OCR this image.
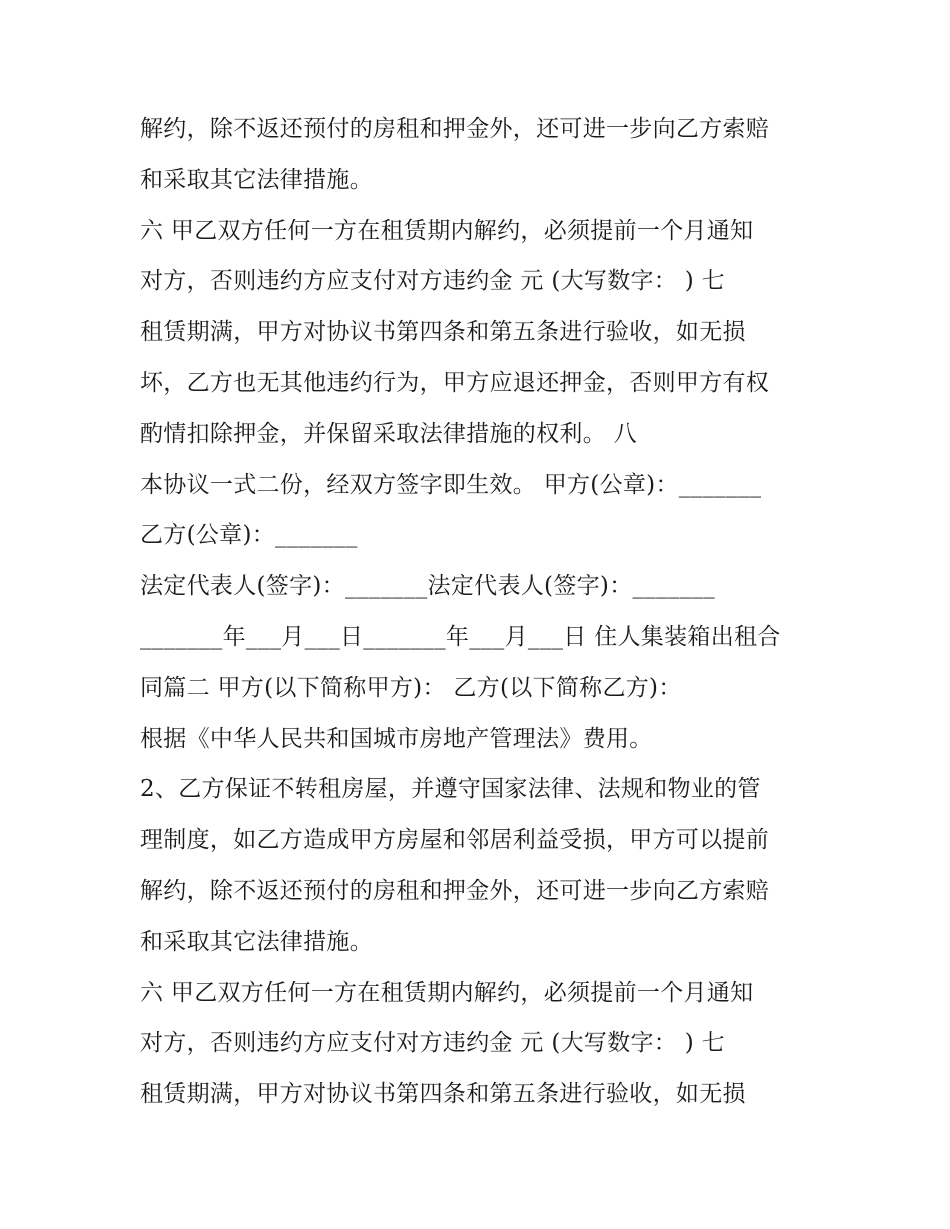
解约，除不返还预付的房租和押金外，还可进一步向乙方索赔
和采取其它法律措施。
六 甲乙双方任何一方在租赁期内解约，必须提前一个月通知
对方，否则违约方应支付对方违约金 元 (大写数字： ) 七
租赁期满，甲方对协议书第四条和第五条进行验收，如无损
坏，乙方也无其他违约行为，甲方应退还押金，否则甲方有权
酌情扣除押金，并保留采取法律措施的权利。 八
本协议一式二份，经双方签字即生效。 甲方(公章)：_______
乙方(公章)：_______
法定代表人(签字)：_______法定代表人(签字)：_______
_______年___月___日_______年___月___日 住人集装箱出租合
同篇二 甲方(以下简称甲方)： 乙方(以下简称乙方)：
根据《中华人民共和国城市房地产管理法》费用。
2、乙方保证不转租房屋，并遵守国家法律、法规和物业的管
理制度，如乙方造成甲方房屋和邻居利益受损，甲方可以提前
解约，除不返还预付的房租和押金外，还可进一步向乙方索赔
和采取其它法律措施。
六 甲乙双方任何一方在租赁期内解约，必须提前一个月通知
对方，否则违约方应支付对方违约金 元 (大写数字： ) 七
租赁期满，甲方对协议书第四条和第五条进行验收，如无损
